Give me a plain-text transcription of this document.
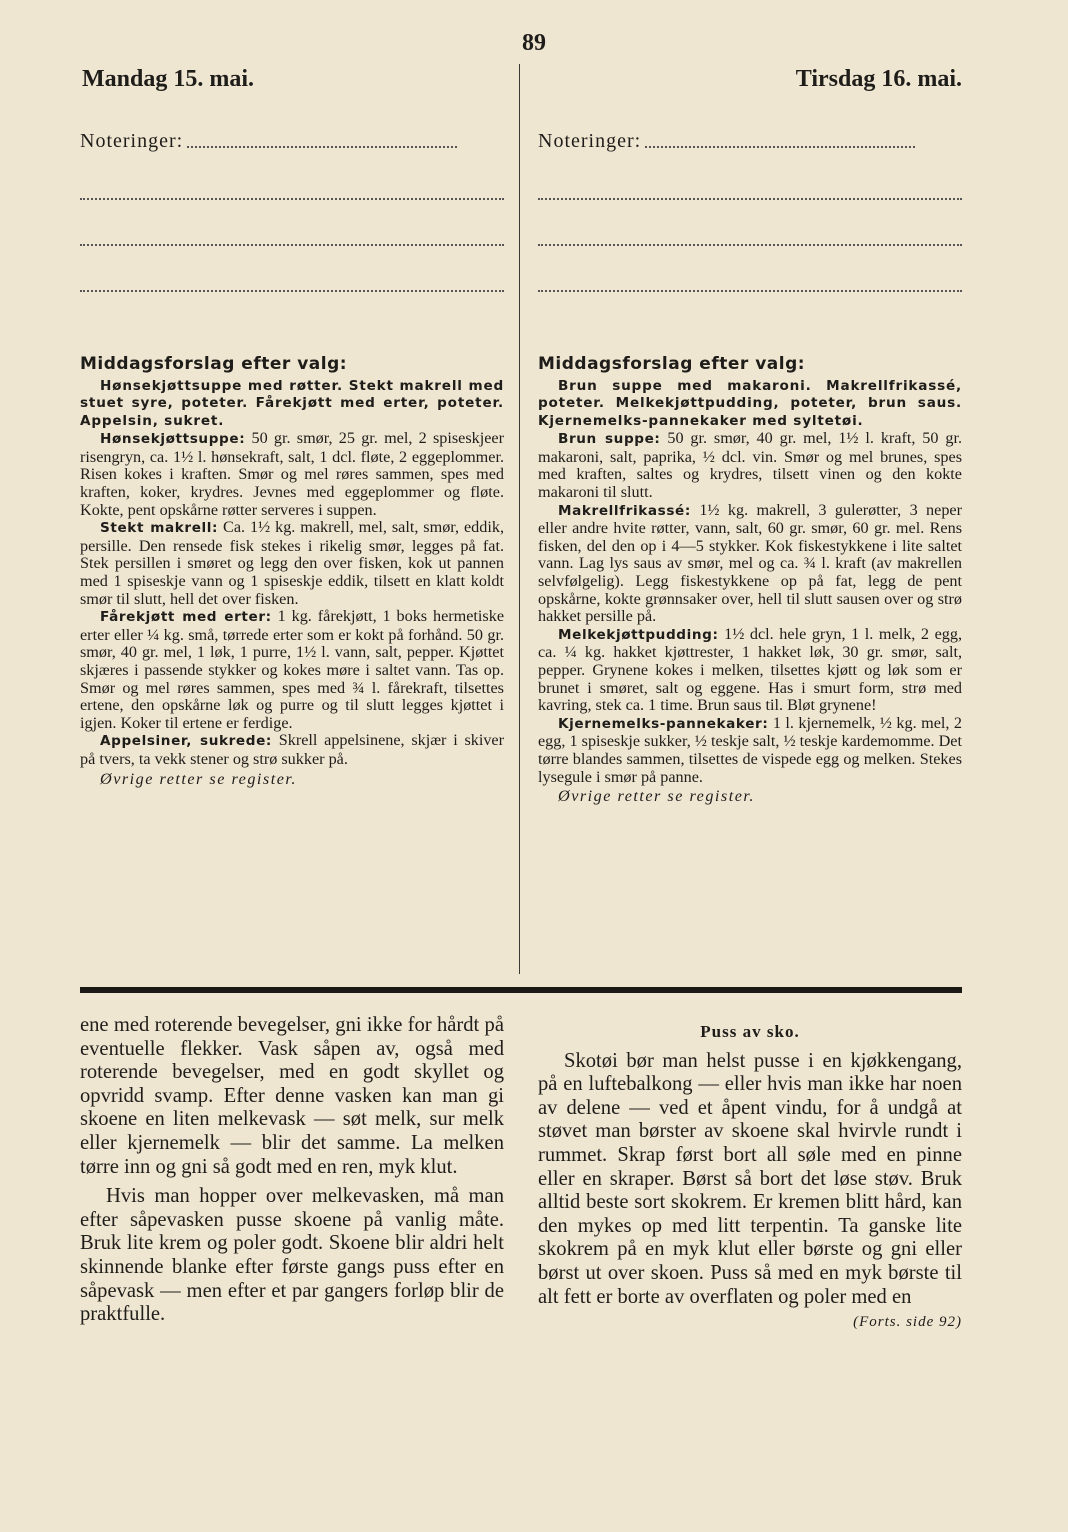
89
Mandag 15. mai.	Tirsdag 16. mai.
Noteringer:	Noteringer:
Middagsforslag efter valg:	Middagsforslag efter valg:

Hønsekjøttsuppe med røtter. Stekt makrell med stuet syre, poteter. Fårekjøtt med erter, poteter. Appelsin, sukret.

Hønsekjøttsuppe: 50 gr. smør, 25 gr. mel, 2 spiseskjeer risengryn, ca. 1½ l. hønsekraft, salt, 1 dcl. fløte, 2 eggeplommer. Risen kokes i kraften. Smør og mel røres sammen, spes med kraften, koker, krydres. Jevnes med eggeplommer og fløte. Kokte, pent opskårne røtter serveres i suppen.

Stekt makrell: Ca. 1½ kg. makrell, mel, salt, smør, eddik, persille. Den rensede fisk stekes i rikelig smør, legges på fat. Stek persillen i smøret og legg den over fisken, kok ut pannen med 1 spiseskje vann og 1 spiseskje eddik, tilsett en klatt koldt smør til slutt, hell det over fisken.

Fårekjøtt med erter: 1 kg. fårekjøtt, 1 boks hermetiske erter eller ¼ kg. små, tørrede erter som er kokt på forhånd. 50 gr. smør, 40 gr. mel, 1 løk, 1 purre, 1½ l. vann, salt, pepper. Kjøttet skjæres i passende stykker og kokes møre i saltet vann. Tas op. Smør og mel røres sammen, spes med ¾ l. fårekraft, tilsettes ertene, den opskårne løk og purre og til slutt legges kjøttet i igjen. Koker til ertene er ferdige.

Appelsiner, sukrede: Skrell appelsinene, skjær i skiver på tvers, ta vekk stener og strø sukker på.

Øvrige retter se register.

Brun suppe med makaroni. Makrellfrikassé, poteter. Melkekjøttpudding, poteter, brun saus. Kjernemelks-pannekaker med syltetøi.

Brun suppe: 50 gr. smør, 40 gr. mel, 1½ l. kraft, 50 gr. makaroni, salt, paprika, ½ dcl. vin. Smør og mel brunes, spes med kraften, saltes og krydres, tilsett vinen og den kokte makaroni til slutt.

Makrellfrikassé: 1½ kg. makrell, 3 gulerøtter, 3 neper eller andre hvite røtter, vann, salt, 60 gr. smør, 60 gr. mel. Rens fisken, del den op i 4—5 stykker. Kok fiskestykkene i lite saltet vann. Lag lys saus av smør, mel og ca. ¾ l. kraft (av makrellen selvfølgelig). Legg fiskestykkene op på fat, legg de pent opskårne, kokte grønnsaker over, hell til slutt sausen over og strø hakket persille på.

Melkekjøttpudding: 1½ dcl. hele gryn, 1 l. melk, 2 egg, ca. ¼ kg. hakket kjøttrester, 1 hakket løk, 30 gr. smør, salt, pepper. Grynene kokes i melken, tilsettes kjøtt og løk som er brunet i smøret, salt og eggene. Has i smurt form, strø med kavring, stek ca. 1 time. Brun saus til. Bløt grynene!

Kjernemelks-pannekaker: 1 l. kjernemelk, ½ kg. mel, 2 egg, 1 spiseskje sukker, ½ teskje salt, ½ teskje kardemomme. Det tørre blandes sammen, tilsettes de vispede egg og melken. Stekes lysegule i smør på panne.

Øvrige retter se register.

ene med roterende bevegelser, gni ikke for hårdt på eventuelle flekker. Vask såpen av, også med roterende bevegelser, med en godt skyllet og opvridd svamp. Efter denne vasken kan man gi skoene en liten melkevask — søt melk, sur melk eller kjernemelk — blir det samme. La melken tørre inn og gni så godt med en ren, myk klut.

Hvis man hopper over melkevasken, må man efter såpevasken pusse skoene på vanlig måte. Bruk lite krem og poler godt. Skoene blir aldri helt skinnende blanke efter første gangs puss efter en såpevask — men efter et par gangers forløp blir de praktfulle.

Puss av sko.

Skotøi bør man helst pusse i en kjøkkengang, på en luftebalkong — eller hvis man ikke har noen av delene — ved et åpent vindu, for å undgå at støvet man børster av skoene skal hvirvle rundt i rummet. Skrap først bort all søle med en pinne eller en skraper. Børst så bort det løse støv. Bruk alltid beste sort skokrem. Er kremen blitt hård, kan den mykes op med litt terpentin. Ta ganske lite skokrem på en myk klut eller børste og gni eller børst ut over skoen. Puss så med en myk børste til alt fett er borte av overflaten og poler med en

(Forts. side 92)
